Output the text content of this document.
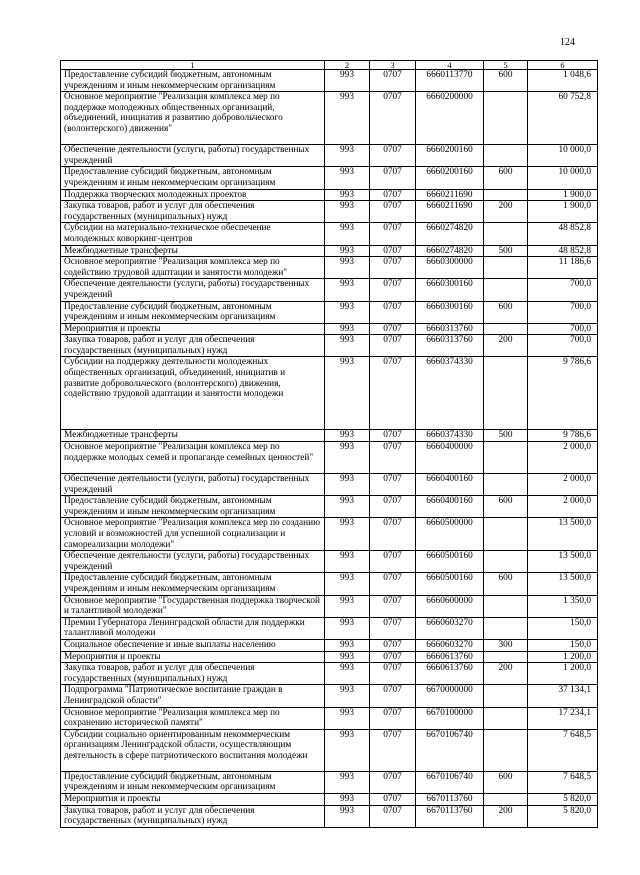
124
1	2	3	4	5	6
Предоставление субсидий бюджетным, автономным учреждениям и иным некоммерческим организациям	993	0707	6660113770	600	1 048,6
Основное мероприятие "Реализация комплекса мер по поддержке молодежных общественных организаций, объединений, инициатив и развитию добровольческого (волонтерского) движения"	993	0707	6660200000		60 752,8
Обеспечение деятельности (услуги, работы) государственных учреждений	993	0707	6660200160		10 000,0
Предоставление субсидий бюджетным, автономным учреждениям и иным некоммерческим организациям	993	0707	6660200160	600	10 000,0
Поддержка творческих молодежных проектов	993	0707	6660211690		1 900,0
Закупка товаров, работ и услуг для обеспечения государственных (муниципальных) нужд	993	0707	6660211690	200	1 900,0
Субсидии на материально-техническое обеспечение молодежных коворкинг-центров	993	0707	6660274820		48 852,8
Межбюджетные трансферты	993	0707	6660274820	500	48 852,8
Основное мероприятие "Реализация комплекса мер по содействию трудовой адаптации и занятости молодежи"	993	0707	6660300000		11 186,6
Обеспечение деятельности (услуги, работы) государственных учреждений	993	0707	6660300160		700,0
Предоставление субсидий бюджетным, автономным учреждениям и иным некоммерческим организациям	993	0707	6660300160	600	700,0
Мероприятия и проекты	993	0707	6660313760		700,0
Закупка товаров, работ и услуг для обеспечения государственных (муниципальных) нужд	993	0707	6660313760	200	700,0
Субсидии на поддержку деятельности молодежных общественных организаций, объединений, инициатив и развитие добровольческого (волонтерского) движения, содействию трудовой адаптации и занятости молодежи	993	0707	6660374330		9 786,6
Межбюджетные трансферты	993	0707	6660374330	500	9 786,6
Основное мероприятие "Реализация комплекса мер по поддержке молодых семей и пропаганде семейных ценностей"	993	0707	6660400000		2 000,0
Обеспечение деятельности (услуги, работы) государственных учреждений	993	0707	6660400160		2 000,0
Предоставление субсидий бюджетным, автономным учреждениям и иным некоммерческим организациям	993	0707	6660400160	600	2 000,0
Основное мероприятие "Реализация комплекса мер по созданию условий и возможностей для успешной социализации и самореализации молодежи"	993	0707	6660500000		13 500,0
Обеспечение деятельности (услуги, работы) государственных учреждений	993	0707	6660500160		13 500,0
Предоставление субсидий бюджетным, автономным учреждениям и иным некоммерческим организациям	993	0707	6660500160	600	13 500,0
Основное мероприятие "Государственная поддержка творческой и талантливой молодежи"	993	0707	6660600000		1 350,0
Премии Губернатора Ленинградской области для поддержки талантливой молодежи	993	0707	6660603270		150,0
Социальное обеспечение и иные выплаты населению	993	0707	6660603270	300	150,0
Мероприятия и проекты	993	0707	6660613760		1 200,0
Закупка товаров, работ и услуг для обеспечения государственных (муниципальных) нужд	993	0707	6660613760	200	1 200,0
Подпрограмма "Патриотическое воспитание граждан в Ленинградской области"	993	0707	6670000000		37 134,1
Основное мероприятие "Реализация комплекса мер по сохранению исторической памяти"	993	0707	6670100000		17 234,1
Субсидии социально ориентированным некоммерческим организациям Ленинградской области, осуществляющим деятельность в сфере патриотического воспитания молодежи	993	0707	6670106740		7 648,5
Предоставление субсидий бюджетным, автономным учреждениям и иным некоммерческим организациям	993	0707	6670106740	600	7 648,5
Мероприятия и проекты	993	0707	6670113760		5 820,0
Закупка товаров, работ и услуг для обеспечения государственных (муниципальных) нужд	993	0707	6670113760	200	5 820,0
